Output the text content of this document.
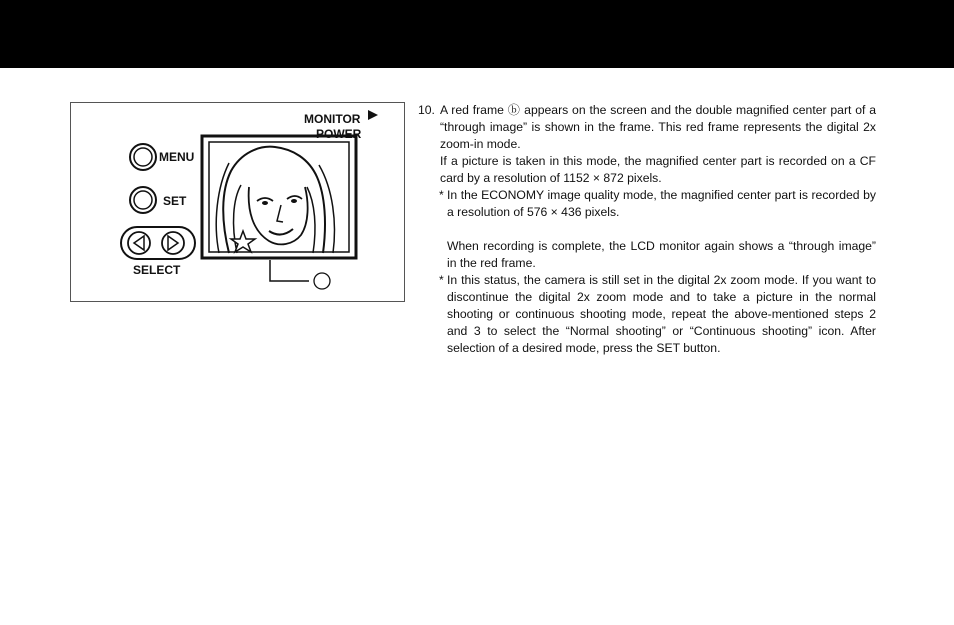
MONITOR
POWER
MENU
SET
SELECT

10. A red frame ⓑ appears on the screen and the double magnified center part of a “through image” is shown in the frame. This red frame represents the digital 2x zoom-in mode.

If a picture is taken in this mode, the magnified center part is recorded on a CF card by a resolution of 1152 × 872 pixels.

* In the ECONOMY image quality mode, the magnified center part is recorded by a resolution of 576 × 436 pixels.

When recording is complete, the LCD monitor again shows a “through image” in the red frame.

* In this status, the camera is still set in the digital 2x zoom mode. If you want to discontinue the digital 2x zoom mode and to take a picture in the normal shooting or continuous shooting mode, repeat the above-mentioned steps 2 and 3 to select the “Normal shooting” or “Continuous shooting” icon. After selection of a desired mode, press the SET button.
